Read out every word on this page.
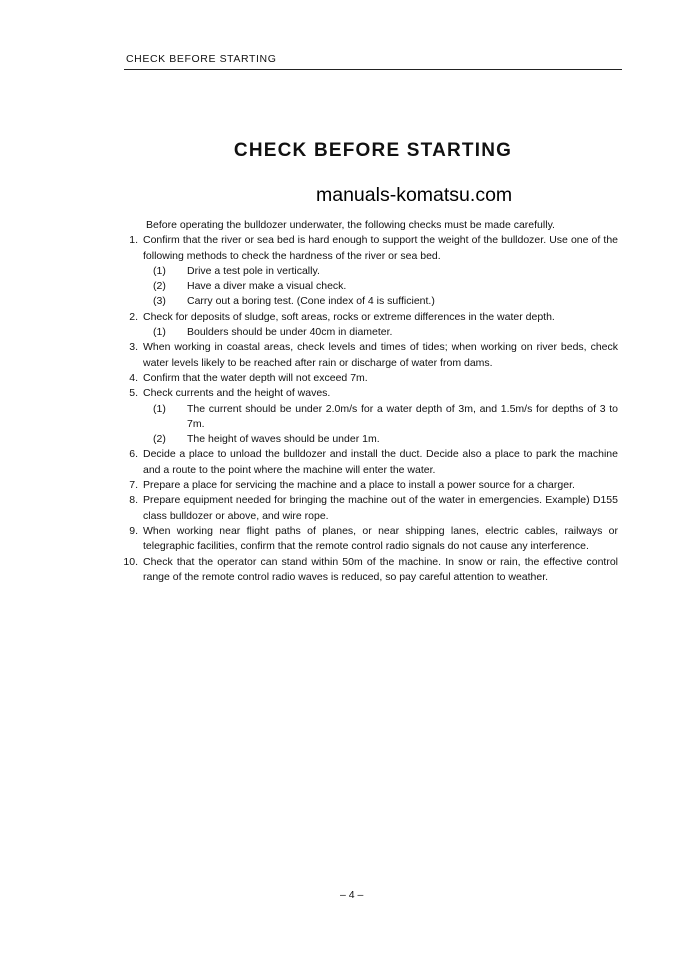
CHECK BEFORE STARTING
CHECK BEFORE STARTING
manuals-komatsu.com

Before operating the bulldozer underwater, the following checks must be made carefully.

1. Confirm that the river or sea bed is hard enough to support the weight of the bulldozer. Use one of the following methods to check the hardness of the river or sea bed.
(1)	Drive a test pole in vertically.
(2)	Have a diver make a visual check.
(3)	Carry out a boring test. (Cone index of 4 is sufficient.)
2. Check for deposits of sludge, soft areas, rocks or extreme differences in the water depth.
(1)	Boulders should be under 40cm in diameter.
3. When working in coastal areas, check levels and times of tides; when working on river beds, check water levels likely to be reached after rain or discharge of water from dams.
4. Confirm that the water depth will not exceed 7m.
5. Check currents and the height of waves.
(1)	The current should be under 2.0m/s for a water depth of 3m, and 1.5m/s for depths of 3 to 7m.
(2)	The height of waves should be under 1m.
6. Decide a place to unload the bulldozer and install the duct. Decide also a place to park the machine and a route to the point where the machine will enter the water.
7. Prepare a place for servicing the machine and a place to install a power source for a charger.
8. Prepare equipment needed for bringing the machine out of the water in emergencies. Example) D155 class bulldozer or above, and wire rope.
9. When working near flight paths of planes, or near shipping lanes, electric cables, railways or telegraphic facilities, confirm that the remote control radio signals do not cause any interference.
10. Check that the operator can stand within 50m of the machine. In snow or rain, the effective control range of the remote control radio waves is reduced, so pay careful attention to weather.
– 4 –
